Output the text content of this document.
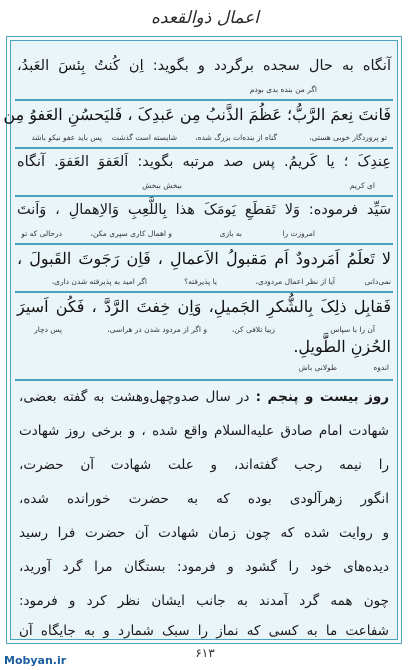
اعمال ذوالقعده
آنگاه به حال سجده برگردد و بگوید: اِن کُنتُ بِئسَ العَبدُ،
اگر من بنده بدی بودم
فَانتَ نِعمَ الرَّبُّ؛ عَظُمَ الذَّنبُ مِن عَبدِکَ ، فَلیَحسُنِ العَفوُ مِن
تو پروردگار خوبی هستی،
گناه از بنده‌ات بزرگ شده،
پس باید عفو نیکو باشد شایسته است گذشت
عِندِکَ ؛ یا کَریمُ. پس صد مرتبه بگوید: اَلعَفوَ العَفوَ. آنگاه
ای کریم
ببخش ببخش
سَیِّد فرموده: وَلا تَقطَعِ یَومَکَ هذا بِاللَّعِبِ وَالاِهمالِ ، وَاَنتَ
امروزت را
به بازی
و اهمال کاری سپری مکن،
درحالی که تو
لا تَعلَمُ اَمَردودٌ اَم مَقبولُ الاَعمالِ ، فَاِن رَجَوتَ القَبولَ ،
نمی‌دانی
آیا از نظر اعمال مردودی،
یا پذیرفته؟
اگر امید به پذیرفته شدن داری،
فَقابِل ذلِکَ بِالشُّکرِ الجَمیلِ، وَاِن خِفتَ الرَّدَّ ، فَکُن اَسیرَ
آن را با سپاس
زیبا تلافی کن،
و اگر از مردود شدن در هراسی،
پس دچار
الحُزنِ الطَّویلِ.
اندوه
طولانی باش
روز بیست و پنجم : در سال صدوچهل‌وهشت به گفته بعضی،
شهادت امام صادق عليه‌السلام واقع شده ، و برخی روز شهادت
را نیمه رجب گفته‌اند، و علت شهادت آن حضرت،
انگور زهرآلودی بوده که به حضرت خورانده شده،
و روایت شده که چون زمان شهادت آن حضرت فرا رسید
دیده‌های خود را گشود و فرمود: بستگان مرا گرد آورید،
چون همه گرد آمدند به جانب ایشان نظر کرد و فرمود:
شفاعت ما به کسی که نماز را سبک شمارد و به جایگاه آن
۶۱۳
Mobyan.ir
